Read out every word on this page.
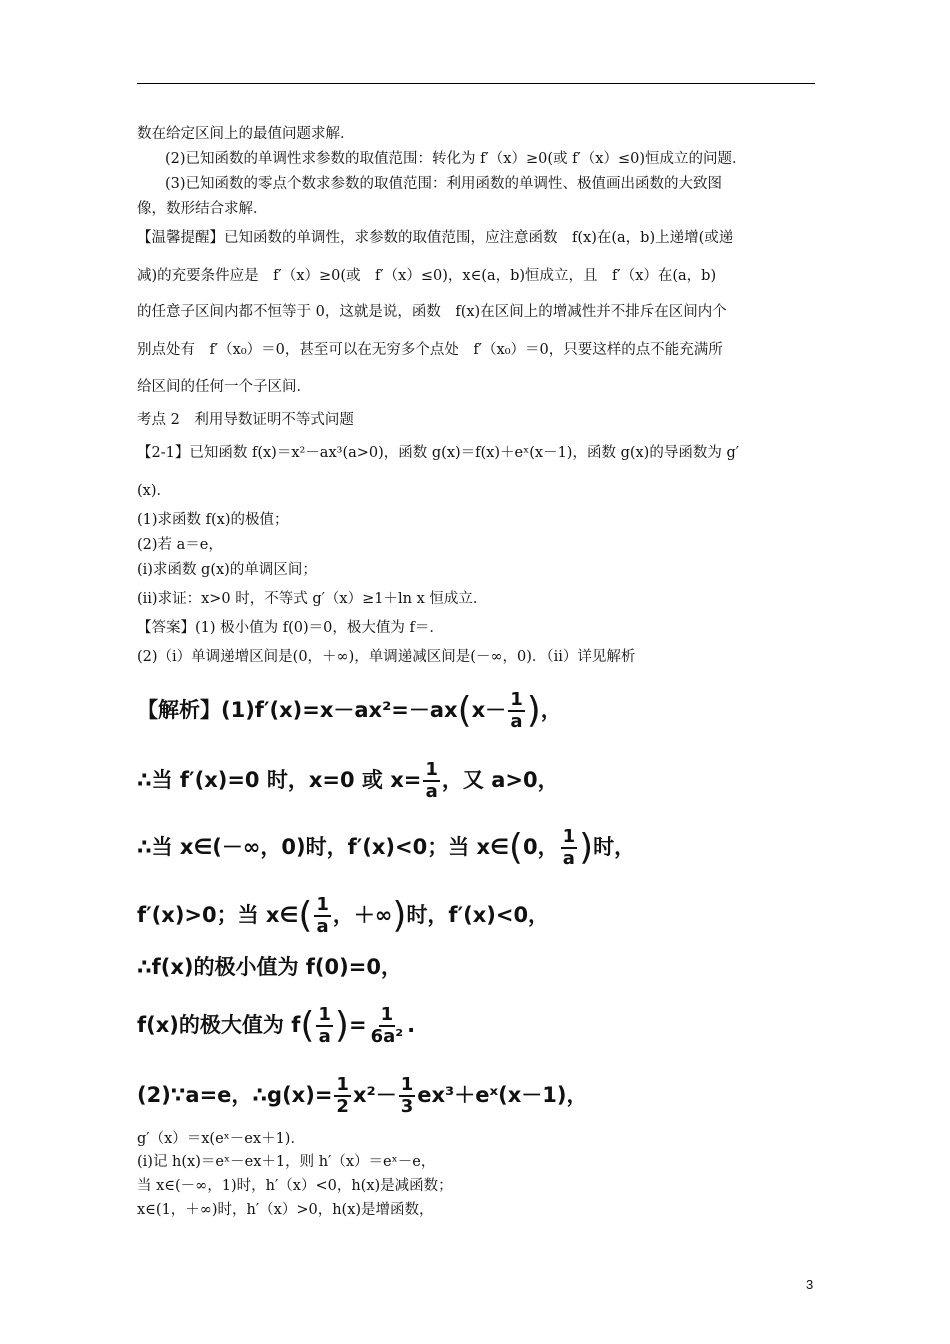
数在给定区间上的最值问题求解．
(2)已知函数的单调性求参数的取值范围：转化为 f′（x）≥0(或 f′（x）≤0)恒成立的问题．
(3)已知函数的零点个数求参数的取值范围：利用函数的单调性、极值画出函数的大致图
像，数形结合求解．
【温馨提醒】已知函数的单调性，求参数的取值范围，应注意函数　f(x)在(a，b)上递增(或递
减)的充要条件应是　f′（x）≥0(或　f′（x）≤0)，x∈(a，b)恒成立，且　f′（x）在(a，b)
的任意子区间内都不恒等于 0，这就是说，函数　f(x)在区间上的增减性并不排斥在区间内个
别点处有　f′（x₀）＝0，甚至可以在无穷多个点处　f′（x₀）＝0，只要这样的点不能充满所
给区间的任何一个子区间．
考点 2　利用导数证明不等式问题
【2-1】已知函数 f(x)＝x²－ax³(a>0)，函数 g(x)＝f(x)＋eˣ(x－1)，函数 g(x)的导函数为 g′
(x)．
(1)求函数 f(x)的极值；
(2)若 a＝e，
(ⅰ)求函数 g(x)的单调区间；
(ⅱ)求证：x>0 时，不等式 g′（x）≥1＋ln x 恒成立．
【答案】(1) 极小值为 f(0)＝0，极大值为 f＝．
(2)（ⅰ）单调递增区间是(0，＋∞)，单调递减区间是(－∞，0)．（ⅱ）详见解析
【解析】$(1)f'(x)=x-ax^2=-ax(x- \frac{1}{a}$ )，
∴当 f′(x)=0 时，x=0 或 $x= \frac{1}{a}$ ，又 a>0，
∴当 x∈(－∞，0)时，f′(x)<0；当 x∈(0， $\frac{1}{a}$ )时，
f′(x)>0；当 x∈( $\frac{1}{a}$ ，＋∞)时，f′(x)<0，
∴f(x)的极小值为 f(0)=0，
f(x)的极大值为 $f( \frac{1}{a}$ )= $\frac{1}{\text{6a²}}$ .
(2)∵a=e，∴g(x)= $\frac{1}{2} x^2- \frac{1}{3}$ ex³＋eˣ(x－1)，
g′（x）＝x(eˣ－ex＋1)．
(ⅰ)记 h(x)＝eˣ－ex＋1，则 h′（x）＝eˣ－e，
当 x∈(－∞，1)时，h′（x）<0，h(x)是减函数；
x∈(1，＋∞)时，h′（x）>0，h(x)是增函数，
3
